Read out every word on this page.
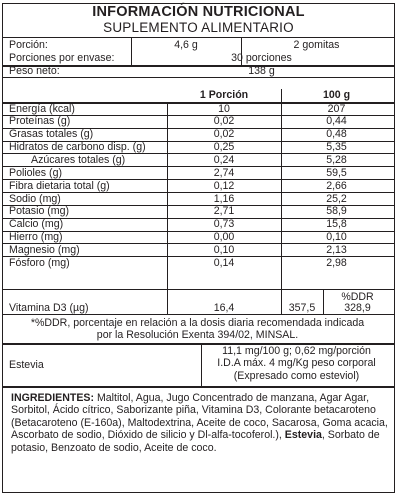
INFORMACIÓN NUTRICIONAL
SUPLEMENTO ALIMENTARIO
Porción:	4,6 g	2 gomitas
Porciones por envase:	30 porciones
Peso neto:	138 g
1 Porción	100 g
Energía (kcal)	10	207
Proteínas (g)	0,02	0,44
Grasas totales (g)	0,02	0,48
Hidratos de carbono disp. (g)	0,25	5,35
Azúcares totales (g)	0,24	5,28
Polioles (g)	2,74	59,5
Fibra dietaria total (g)	0,12	2,66
Sodio (mg)	1,16	25,2
Potasio (mg)	2,71	58,9
Calcio (mg)	0,73	15,8
Hierro (mg)	0,00	0,10
Magnesio (mg)	0,10	2,13
Fósforo (mg)	0,14	2,98
%DDR
Vitamina D3 (µg)	16,4	357,5	328,9
*%DDR, porcentaje en relación a la dosis diaria recomendada indicada
por la Resolución Exenta 394/02, MINSAL.
Estevia
11,1 mg/100 g; 0,62 mg/porción
I.D.A máx. 4 mg/Kg peso corporal
(Expresado como esteviol)
INGREDIENTES: Maltitol, Agua, Jugo Concentrado de manzana, Agar Agar, Sorbitol, Ácido cítrico, Saborizante piña, Vitamina D3, Colorante betacaroteno (Betacaroteno (E-160a), Maltodextrina, Aceite de coco, Sacarosa, Goma acacia, Ascorbato de sodio, Dióxido de silicio y Dl-alfa-tocoferol.), Estevia, Sorbato de potasio, Benzoato de sodio, Aceite de coco.
